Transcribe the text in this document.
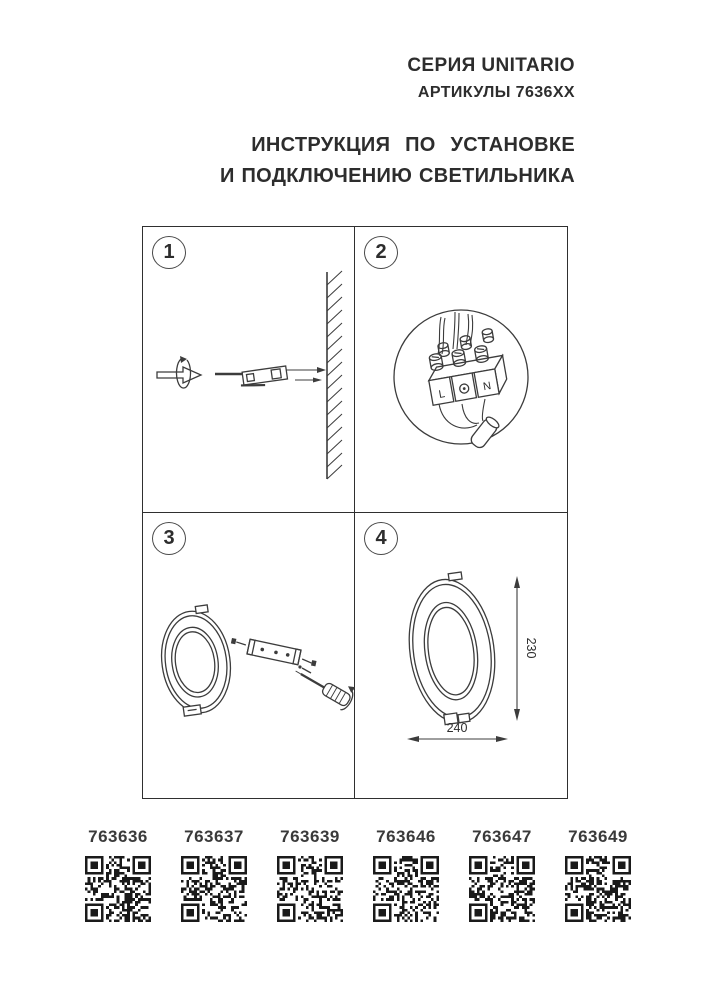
СЕРИЯ UNITARIO
АРТИКУЛЫ 7636XX
ИНСТРУКЦИЯ ПО УСТАНОВКЕ
И ПОДКЛЮЧЕНИЮ СВЕТИЛЬНИКА
1	2
L
N
3	4
230
240
763636	763637	763639	763646	763647	763649
